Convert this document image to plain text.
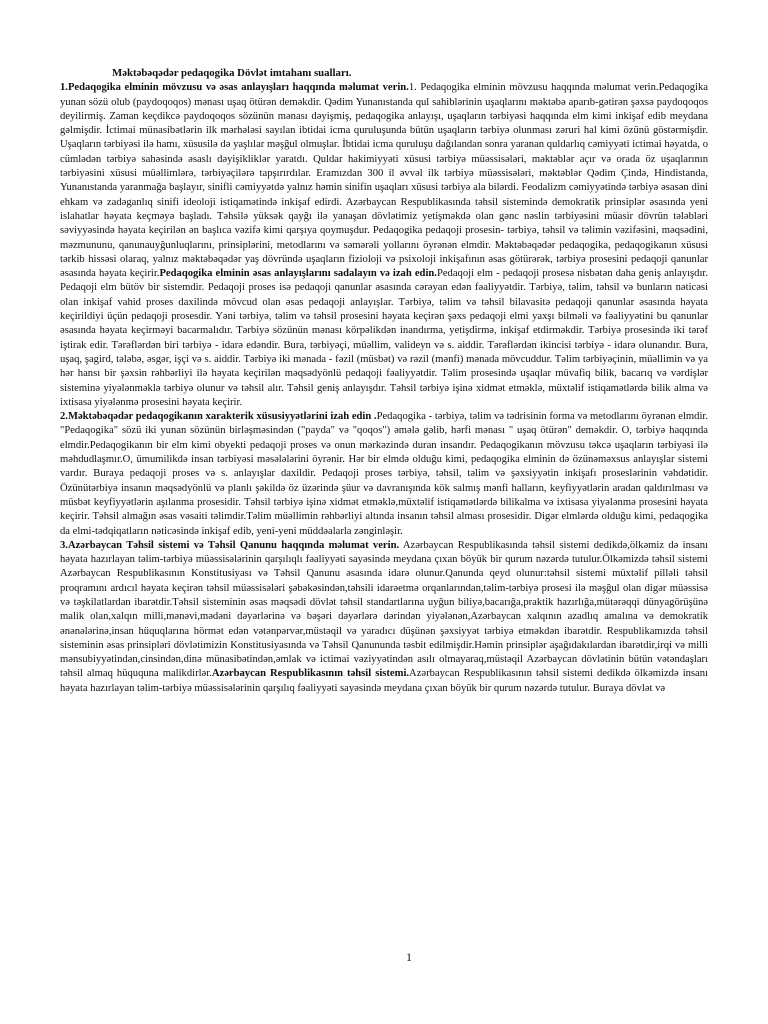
Məktəbəqədər pedaqogika Dövlət imtahanı sualları.

1.Pedaqogika elminin mövzusu və əsas anlayışları haqqında məlumat verin.1. Pedaqogika elminin mövzusu haqqında məlumat verin.Pedaqogika yunan sözü olub (paydoqoqos) mənası uşaq ötürən deməkdir. Qədim Yunanıstanda qul sahiblərinin uşaqlarını məktəbə aparıb-gətirən şəxsə paydoqoqos deyilirmiş. Zaman keçdikcə paydoqoqos sözünün mənası dəyişmiş, pedaqogika anlayışı, uşaqların tərbiyəsi haqqında elm kimi inkişaf edib meydana gəlmişdir. İctimai münasibətlərin ilk mərhələsi sayılan ibtidai icma quruluşunda bütün uşaqların tərbiyə olunması zəruri hal kimi özünü göstərmişdir. Uşaqların tərbiyəsi ilə hamı, xüsusilə də yaşlılar məşğul olmuşlar. İbtidai icma quruluşu dağılandan sonra yaranan quldarlıq cəmiyyəti ictimai həyatda, o cümlədən tərbiyə sahəsində əsaslı dəyişikliklər yaratdı. Quldar hakimiyyəti xüsusi tərbiyə müəssisələri, məktəblər açır və orada öz uşaqlarının tərbiyəsini xüsusi müəllimlərə, tərbiyəçilərə tapşırırdılar. Eramızdan 300 il əvvəl ilk tərbiyə müəssisələri, məktəblər Qədim Çində, Hindistanda, Yunanıstanda yaranmağa başlayır, sinifli cəmiyyətdə yalnız həmin sinifin uşaqları xüsusi tərbiyə ala bilərdi. Feodalizm cəmiyyətində tərbiyə əsasən dini ehkam və zadəganlıq sinifi ideoloji istiqamətində inkişaf edirdi. Azərbaycan Respublikasında təhsil sistemində demokratik prinsiplər əsasında yeni islahatlar həyata keçməyə başladı. Təhsilə yüksək qayğı ilə yanaşan dövlətimiz yetişməkdə olan gənc nəslin tərbiyəsini müasir dövrün tələbləri səviyyəsində həyata keçirilən ən başlıca vəzifə kimi qarşıya qoymuşdur. Pedaqogika pedaqoji prosesin- tərbiyə, təhsil və təlimin vəzifəsini, məqsədini, məzmununu, qanunauyğunluqlarını, prinsiplərini, metodlarını və səmərəli yollarını öyrənən elmdir. Məktəbəqədər pedaqogika, pedaqogikanın xüsusi tərkib hissəsi olaraq, yalnız məktəbəqədər yaş dövründə uşaqların fizioloji və psixoloji inkişafının əsas götürərək, tərbiyə prosesini pedaqoji qanunlar əsasında həyata keçirir.Pedaqogika elminin əsas anlayışlarını sadalayın və izah edin.Pedaqoji elm - pedaqoji prosesə nisbətən daha geniş anlayışdır. Pedaqoji elm bütöv bir sistemdir. Pedaqoji proses isə pedaqoji qanunlar əsasında cərəyan edən fəaliyyətdir. Tərbiyə, təlim, təhsil və bunların nəticəsi olan inkişaf vahid proses daxilində mövcud olan əsas pedaqoji anlayışlar. Tərbiyə, təlim və təhsil bilavasitə pedaqoji qanunlar əsasında həyata keçirildiyi üçün pedaqoji prosesdir. Yəni tərbiyə, təlim və təhsil prosesini həyata keçirən şəxs pedaqoji elmi yaxşı bilməli və fəaliyyətini bu qanunlar əsasında həyata keçirməyi bacarmalıdır. Tərbiyə sözünün mənası körpəlikdən inandırma, yetişdirmə, inkişaf etdirməkdir. Tərbiyə prosesində iki tərəf iştirak edir. Tərəflərdən biri tərbiyə - idarə edəndir. Bura, tərbiyəçi, müəllim, valideyn və s. aiddir. Tərəflərdən ikincisi tərbiyə - idarə olunandır. Bura, uşaq, şagird, tələbə, əsgər, işçi və s. aiddir. Tərbiyə iki mənada - fəzil (müsbət) və rəzil (mənfi) mənada mövcuddur. Təlim tərbiyəçinin, müəllimin və ya hər hansı bir şəxsin rəhbərliyi ilə həyata keçirilən məqsədyönlü pedaqoji fəaliyyətdir. Təlim prosesində uşaqlar müvafiq bilik, bacarıq və vərdişlər sisteminə yiyələnməklə tərbiyə olunur və təhsil alır. Təhsil geniş anlayışdır. Təhsil tərbiyə işinə xidmət etməklə, müxtəlif istiqamətlərdə bilik alma və ixtisasa yiyələnmə prosesini həyata keçirir.

2.Məktəbəqədər pedaqogikanın xarakterik xüsusiyyətlərini izah edin .Pedaqogika - tərbiyə, təlim və tədrisinin forma və metodlarını öyrənən elmdir. "Pedaqogika" sözü iki yunan sözünün birləşməsindən ("payda" və "qoqos") əmələ gəlib, hərfi mənası " uşaq ötürən" deməkdir. O, tərbiyə haqqında elmdir.Pedaqogikanın bir elm kimi obyekti pedaqoji proses və onun mərkəzində duran insandır. Pedaqogikanın mövzusu təkcə uşaqların tərbiyəsi ilə məhdudlaşmır.O, ümumilikdə insan tərbiyəsi məsələlərini öyrənir. Hər bir elmdə olduğu kimi, pedaqogika elminin də özünəməxsus anlayışlar sistemi vardır. Buraya pedaqoji proses və s. anlayışlar daxildir. Pedaqoji proses tərbiyə, təhsil, təlim və şəxsiyyətin inkişafı proseslərinin vəhdətidir. Özünütərbiyə insanın məqsədyönlü və planlı şəkildə öz üzərində şüur və davranışında kök salmış mənfi halların, keyfiyyətlərin aradan qaldırılması və müsbət keyfiyyətlərin aşılanma prosesidir. Təhsil tərbiyə işinə xidmət etməklə,müxtəlif istiqamətlərdə bilikalma və ixtisasa yiyələnmə prosesini həyata keçirir. Təhsil almağın əsas vəsaiti təlimdir.Təlim müəllimin rəhbərliyi altında insanın təhsil alması prosesidir. Digər elmlərdə olduğu kimi, pedaqogika da elmi-tədqiqatların nəticəsində inkişaf edib, yeni-yeni müddəalarla zənginləşir.

3.Azərbaycan Təhsil sistemi və Təhsil Qanunu haqqında məlumat verin. Azərbaycan Respublikasında təhsil sistemi dedikdə,ölkəmiz də insanı həyata hazırlayan təlim-tərbiyə müəssisələrinin qarşılıqlı fəaliyyəti sayəsində meydana çıxan böyük bir qurum nəzərdə tutulur.Ölkəmizdə təhsil sistemi Azərbaycan Respublikasının Konstitusiyası və Təhsil Qanunu əsasında idarə olunur.Qanunda qeyd olunur:təhsil sistemi müxtəlif pilləli təhsil proqramını ardıcıl həyata keçirən təhsil müəssisələri şəbəkəsindən,təhsili idarəetmə orqanlarından,təlim-tərbiyə prosesi ilə məşğul olan digər müəssisə və təşkilatlardan ibarətdir.Təhsil sisteminin əsas məqsədi dövlət təhsil standartlarına uyğun biliyə,bacarığa,praktik hazırlığa,mütərəqqi dünyagörüşünə malik olan,xalqın milli,mənəvi,mədəni dəyərlərinə və bəşəri dəyərlərə dərindən yiyələnən,Azərbaycan xalqının azadlıq amalına və demokratik ənənələrinə,insan hüquqlarına hörmət edən vətənpərvər,müstəqil və yaradıcı düşünən şəxsiyyət tərbiyə etməkdən ibarətdir. Respublikamızda təhsil sisteminin əsas prinsipləri dövlətimizin Konstitusiyasında və Təhsil Qanununda təsbit edilmişdir.Həmin prinsiplər aşağıdakılardan ibarətdir,irqi və milli mənsubiyyətindən,cinsindən,dinə münasibətindən,əmlak və ictimai vəziyyətindən asılı olmayaraq,müstəqil Azərbaycan dövlətinin bütün vətəndaşları təhsil almaq hüququna malikdirlər.Azərbaycan Respublikasının təhsil sistemi.Azərbaycan Respublikasının təhsil sistemi dedikdə ölkəmizdə insanı həyata hazırlayan təlim-tərbiyə müəssisələrinin qarşılıq fəaliyyəti sayəsində meydana çıxan böyük bir qurum nəzərdə tutulur. Buraya dövlət və

1
